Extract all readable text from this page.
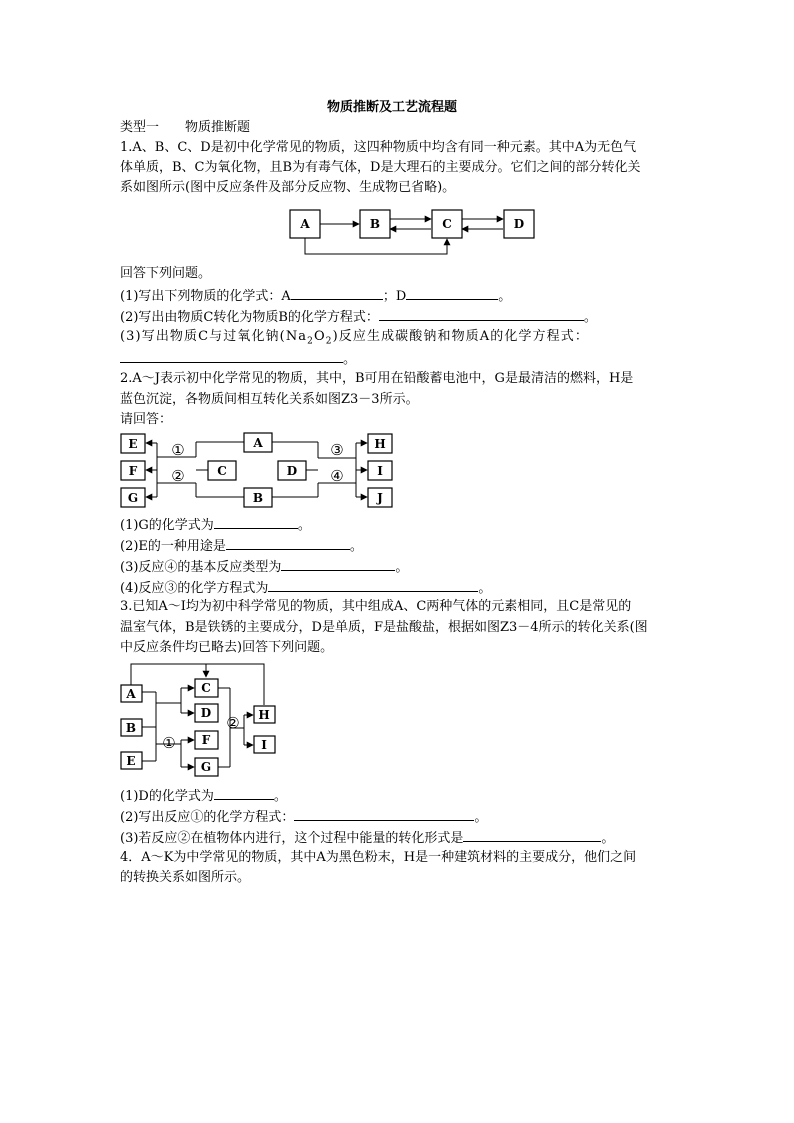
物质推断及工艺流程题
类型一　　物质推断题
1.A、B、C、D是初中化学常见的物质，这四种物质中均含有同一种元素。其中A为无色气
体单质，B、C为氧化物，且B为有毒气体，D是大理石的主要成分。它们之间的部分转化关
系如图所示(图中反应条件及部分反应物、生成物已省略)。
A	B	C	D
回答下列问题。
(1)写出下列物质的化学式：A	；D	。
(2)写出由物质C转化为物质B的化学方程式：	。
(3)写出物质C与过氧化钠$(Na_2O_2)$反应生成碳酸钠和物质A的化学方程式：
。
2.A～J表示初中化学常见的物质，其中，B可用在铅酸蓄电池中，G是最清洁的燃料，H是
蓝色沉淀，各物质间相互转化关系如图Z3－3所示。
请回答：
①
②
③
④
E
F
G
A
C	D
B
H
I
J
(1)G的化学式为	。
(2)E的一种用途是	。
(3)反应④的基本反应类型为	。
(4)反应③的化学方程式为	。
3.已知A～I均为初中科学常见的物质，其中组成A、C两种气体的元素相同，且C是常见的
温室气体，B是铁锈的主要成分，D是单质，F是盐酸盐，根据如图Z3－4所示的转化关系(图
中反应条件均已略去)回答下列问题。
①
②
A
B
E
C
D
F
G
H
I
(1)D的化学式为	。
(2)写出反应①的化学方程式：	。
(3)若反应②在植物体内进行，这个过程中能量的转化形式是	。
4．A～K为中学常见的物质，其中A为黑色粉末，H是一种建筑材料的主要成分，他们之间
的转换关系如图所示。
